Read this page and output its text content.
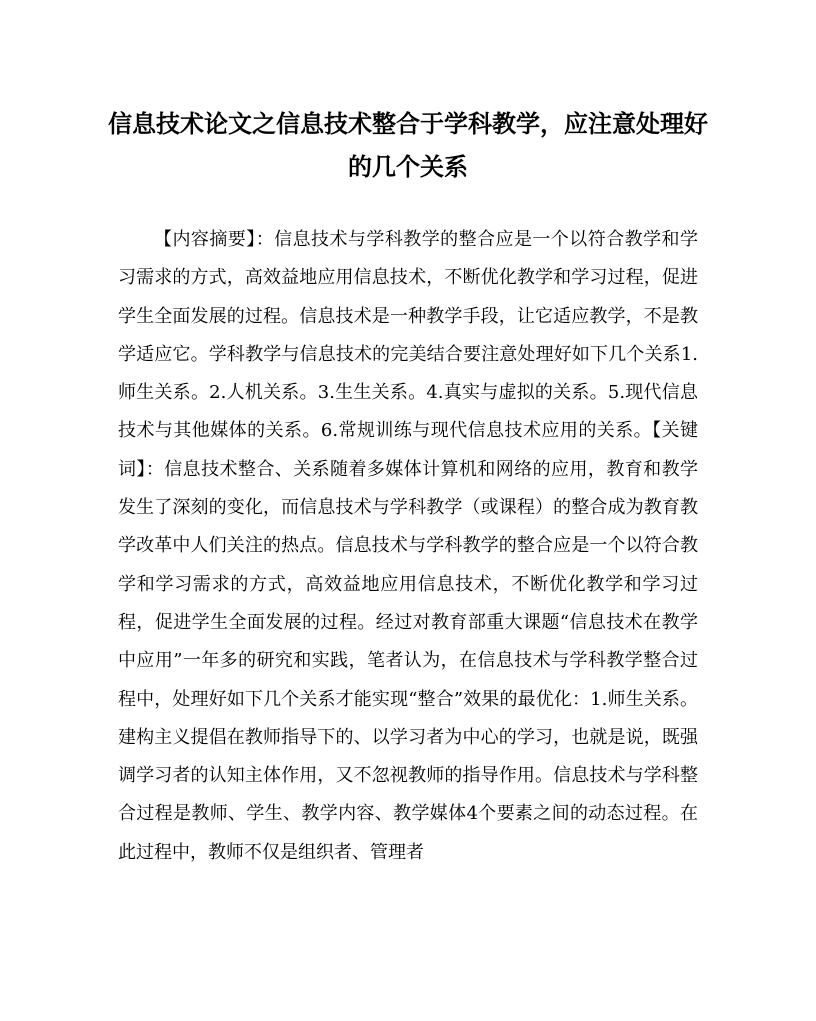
信息技术论文之信息技术整合于学科教学，应注意处理好的几个关系

【内容摘要】：信息技术与学科教学的整合应是一个以符合教学和学习需求的方式，高效益地应用信息技术，不断优化教学和学习过程，促进学生全面发展的过程。信息技术是一种教学手段，让它适应教学，不是教学适应它。学科教学与信息技术的完美结合要注意处理好如下几个关系1.师生关系。2.人机关系。3.生生关系。4.真实与虚拟的关系。5.现代信息技术与其他媒体的关系。6.常规训练与现代信息技术应用的关系。【关键词】：信息技术整合、关系随着多媒体计算机和网络的应用，教育和教学发生了深刻的变化，而信息技术与学科教学（或课程）的整合成为教育教学改革中人们关注的热点。信息技术与学科教学的整合应是一个以符合教学和学习需求的方式，高效益地应用信息技术，不断优化教学和学习过程，促进学生全面发展的过程。经过对教育部重大课题“信息技术在教学中应用”一年多的研究和实践，笔者认为，在信息技术与学科教学整合过程中，处理好如下几个关系才能实现“整合”效果的最优化：1.师生关系。建构主义提倡在教师指导下的、以学习者为中心的学习，也就是说，既强调学习者的认知主体作用，又不忽视教师的指导作用。信息技术与学科整合过程是教师、学生、教学内容、教学媒体4个要素之间的动态过程。在此过程中，教师不仅是组织者、管理者
